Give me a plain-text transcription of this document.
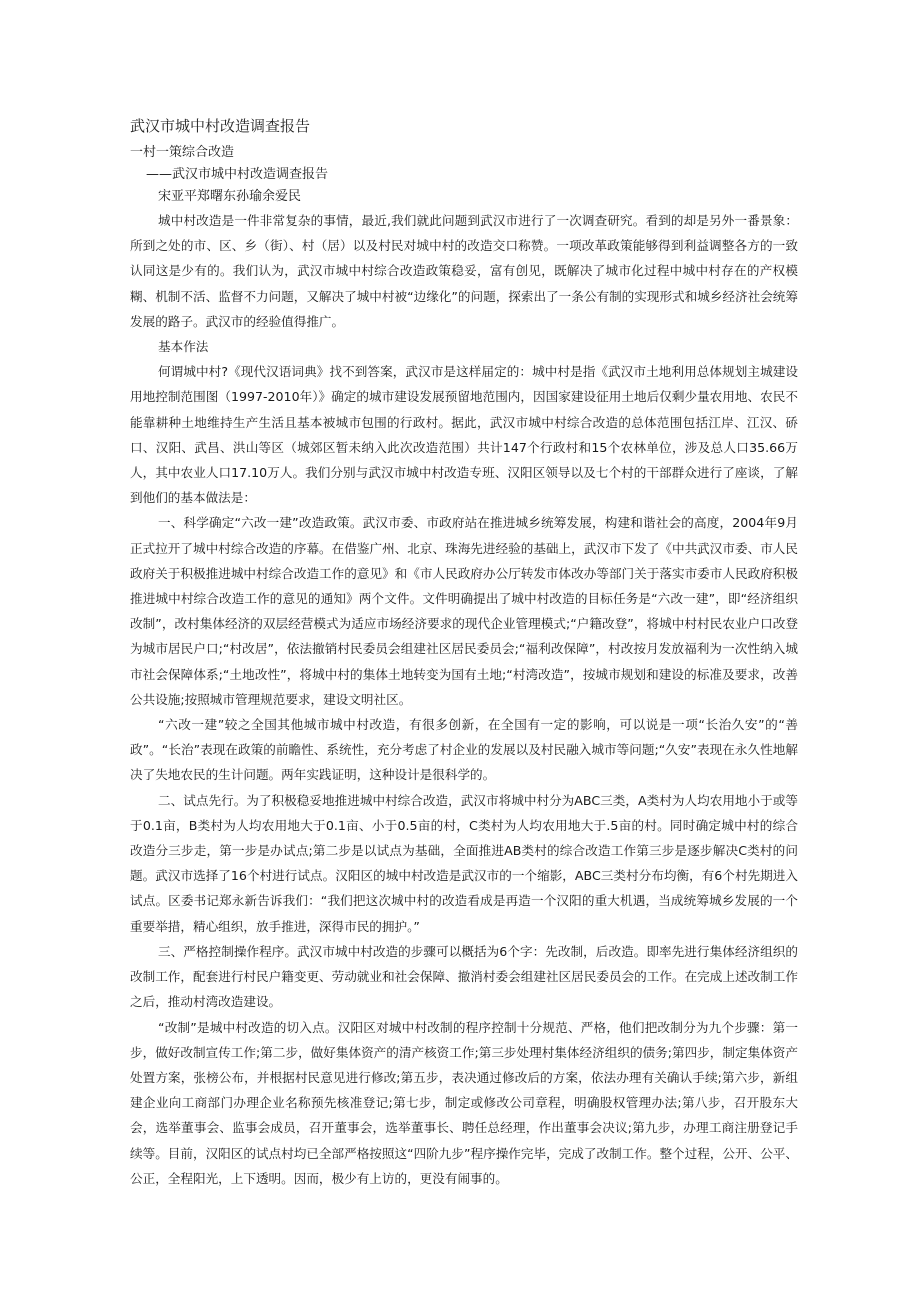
武汉市城中村改造调查报告

一村一策综合改造

——武汉市城中村改造调查报告

宋亚平郑曙东孙瑜余爱民

城中村改造是一件非常复杂的事情，最近,我们就此问题到武汉市进行了一次调查研究。看到的却是另外一番景象：所到之处的市、区、乡（街）、村（居）以及村民对城中村的改造交口称赞。一项改革政策能够得到利益调整各方的一致认同这是少有的。我们认为，武汉市城中村综合改造政策稳妥，富有创见，既解决了城市化过程中城中村存在的产权模糊、机制不活、监督不力问题，又解决了城中村被“边缘化”的问题，探索出了一条公有制的实现形式和城乡经济社会统筹发展的路子。武汉市的经验值得推广。

基本作法

何谓城中村?《现代汉语词典》找不到答案，武汉市是这样届定的：城中村是指《武汉市土地利用总体规划主城建设用地控制范围图（1997-2010年）》确定的城市建设发展预留地范围内，因国家建设征用土地后仅剩少量农用地、农民不能靠耕种土地维持生产生活且基本被城市包围的行政村。据此，武汉市城中村综合改造的总体范围包括江岸、江汉、硚口、汉阳、武昌、洪山等区（城郊区暂未纳入此次改造范围）共计147个行政村和15个农林单位，涉及总人口35.66万人，其中农业人口17.10万人。我们分别与武汉市城中村改造专班、汉阳区领导以及七个村的干部群众进行了座谈，了解到他们的基本做法是：

一、科学确定“六改一建”改造政策。武汉市委、市政府站在推进城乡统筹发展，构建和谐社会的高度，2004年9月正式拉开了城中村综合改造的序幕。在借鉴广州、北京、珠海先进经验的基础上，武汉市下发了《中共武汉市委、市人民政府关于积极推进城中村综合改造工作的意见》和《市人民政府办公厅转发市体改办等部门关于落实市委市人民政府积极推进城中村综合改造工作的意见的通知》两个文件。文件明确提出了城中村改造的目标任务是“六改一建”，即“经济组织改制”，改村集体经济的双层经营模式为适应市场经济要求的现代企业管理模式;“户籍改登”，将城中村村民农业户口改登为城市居民户口;“村改居”，依法撤销村民委员会组建社区居民委员会;“福利改保障”，村改按月发放福利为一次性纳入城市社会保障体系;“土地改性”，将城中村的集体土地转变为国有土地;“村湾改造”，按城市规划和建设的标准及要求，改善公共设施;按照城市管理规范要求，建设文明社区。

“六改一建”较之全国其他城市城中村改造，有很多创新，在全国有一定的影响，可以说是一项“长治久安”的“善政”。“长治”表现在政策的前瞻性、系统性，充分考虑了村企业的发展以及村民融入城市等问题;“久安”表现在永久性地解决了失地农民的生计问题。两年实践证明，这种设计是很科学的。

二、试点先行。为了积极稳妥地推进城中村综合改造，武汉市将城中村分为ABC三类，A类村为人均农用地小于或等于0.1亩，B类村为人均农用地大于0.1亩、小于0.5亩的村，C类村为人均农用地大于.5亩的村。同时确定城中村的综合改造分三步走，第一步是办试点;第二步是以试点为基础，全面推进AB类村的综合改造工作第三步是逐步解决C类村的问题。武汉市选择了16个村进行试点。汉阳区的城中村改造是武汉市的一个缩影，ABC三类村分布均衡，有6个村先期进入试点。区委书记郑永新告诉我们：“我们把这次城中村的改造看成是再造一个汉阳的重大机遇，当成统筹城乡发展的一个重要举措，精心组织，放手推进，深得市民的拥护。”

三、严格控制操作程序。武汉市城中村改造的步骤可以概括为6个字：先改制，后改造。即率先进行集体经济组织的改制工作，配套进行村民户籍变更、劳动就业和社会保障、撤消村委会组建社区居民委员会的工作。在完成上述改制工作之后，推动村湾改造建设。

“改制”是城中村改造的切入点。汉阳区对城中村改制的程序控制十分规范、严格，他们把改制分为九个步骤：第一步，做好改制宣传工作;第二步，做好集体资产的清产核资工作;第三步处理村集体经济组织的债务;第四步，制定集体资产处置方案，张榜公布，并根据村民意见进行修改;第五步，表决通过修改后的方案，依法办理有关确认手续;第六步，新组建企业向工商部门办理企业名称预先核准登记;第七步，制定或修改公司章程，明确股权管理办法;第八步，召开股东大会，选举董事会、监事会成员，召开董事会，选举董事长、聘任总经理，作出董事会决议;第九步，办理工商注册登记手续等。目前，汉阳区的试点村均已全部严格按照这“四阶九步”程序操作完毕，完成了改制工作。整个过程，公开、公平、公正，全程阳光，上下透明。因而，极少有上访的，更没有闹事的。
